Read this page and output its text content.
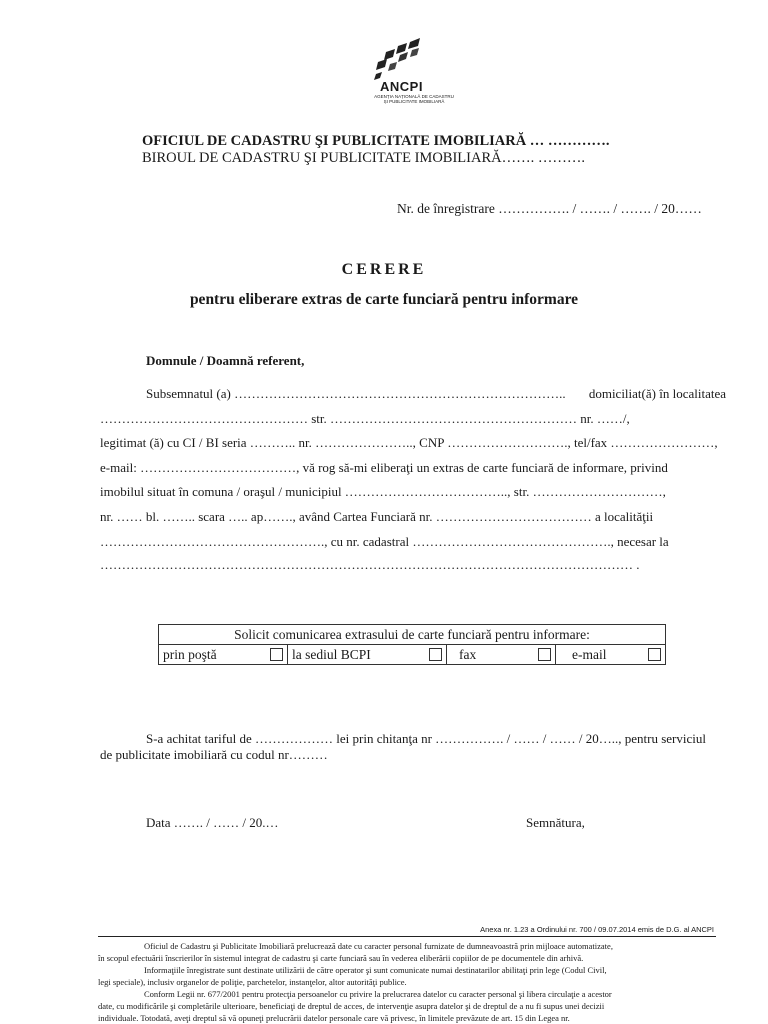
ANCPI
AGENȚIA NAȚIONALĂ DE CADASTRU ȘI PUBLICITATE IMOBILIARĂ
OFICIUL DE CADASTRU ŞI PUBLICITATE IMOBILIARĂ … ………….
BIROUL DE CADASTRU ŞI PUBLICITATE IMOBILIARĂ……. ……….
Nr. de înregistrare ……………. / ……. / ……. / 20……
CERERE
pentru eliberare extras de carte funciară pentru informare
Domnule / Doamnă referent,
Subsemnatul (a) ………………………………………………………………….. domiciliat(ă) în localitatea
………………………………………… str. ………………………………………………… nr. ……/,
legitimat (ă) cu CI / BI seria ……….. nr. ………………….., CNP ………………………., tel/fax ……………………,
e-mail: ………………………………, vă rog să-mi eliberaţi un extras de carte funciară de informare, privind
imobilul situat în comuna / oraşul / municipiul ……………………………….., str. …………………………,
nr. …… bl. …….. scara ….. ap……., având Cartea Funciară nr. ……………………………… a localităţii
……………………………………………., cu nr. cadastral ………………………………………., necesar la
…………………………………………………………………………………………………………… .
Solicit comunicarea extrasului de carte funciară pentru informare:

prin poştă	la sediul BCPI	fax	e-mail
S-a achitat tariful de ……………… lei prin chitanţa nr ……………. / …… / …… / 20….., pentru serviciul
de publicitate imobiliară cu codul nr………
Data ……. / …… / 20.…	Semnătura,
Anexa nr. 1.23 a Ordinului nr. 700 / 09.07.2014 emis de D.G. al ANCPI
Oficiul de Cadastru şi Publicitate Imobiliară prelucrează date cu caracter personal furnizate de dumneavoastră prin mijloace automatizate,
în scopul efectuării înscrierilor în sistemul integrat de cadastru şi carte funciară sau în vederea eliberării copiilor de pe documentele din arhivă.
Informaţiile înregistrate sunt destinate utilizării de către operator şi sunt comunicate numai destinatarilor abilitaţi prin lege (Codul Civil,
legi speciale), inclusiv organelor de poliţie, parchetelor, instanţelor, altor autorităţi publice.
Conform Legii nr. 677/2001 pentru protecţia persoanelor cu privire la prelucrarea datelor cu caracter personal şi libera circulaţie a acestor
date, cu modificările şi completările ulterioare, beneficiaţi de dreptul de acces, de intervenţie asupra datelor şi de dreptul de a nu fi supus unei decizii
individuale. Totodată, aveţi dreptul să vă opuneţi prelucrării datelor personale care vă privesc, în limitele prevăzute de art. 15 din Legea nr.
